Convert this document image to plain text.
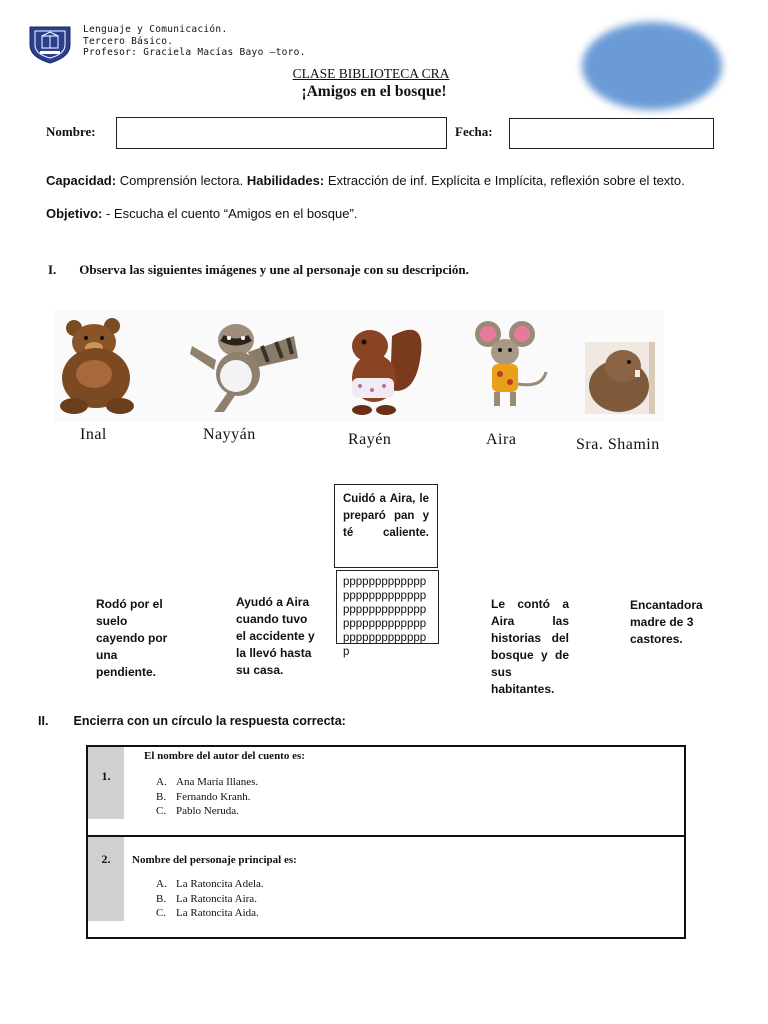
Lenguaje y Comunicación.
Tercero Básico.
Profesor: Graciela Macías Bayo –toro.
CLASE BIBLIOTECA CRA
¡Amigos en el bosque!
Nombre:	Fecha:
Capacidad: Comprensión lectora. Habilidades: Extracción de inf. Explícita e Implícita, reflexión sobre el texto.
Objetivo: - Escucha el cuento “Amigos en el bosque”.
I. Observa las siguientes imágenes y une al personaje con su descripción.
Inal	Nayyán	Rayén	Aira	Sra. Shamin
Cuidó a Aira, le preparó pan y té caliente.
pppppppppppppppppppppppppppppppppppppppppppppppppppppppppppppppppp
Rodó por el suelo cayendo por una pendiente.
Ayudó a Aira cuando tuvo el accidente y la llevó hasta su casa.
Le contó a Aira las historias del bosque y de sus habitantes.
Encantadora madre de 3 castores.
II. Encierra con un círculo la respuesta correcta:
1.
El nombre del autor del cuento es:
A. Ana María Illanes.
B. Fernando Kranh.
C. Pablo Neruda.
2.	Nombre del personaje principal es:
A. La Ratoncita Adela.
B. La Ratoncita Aira.
C. La Ratoncita Aida.
